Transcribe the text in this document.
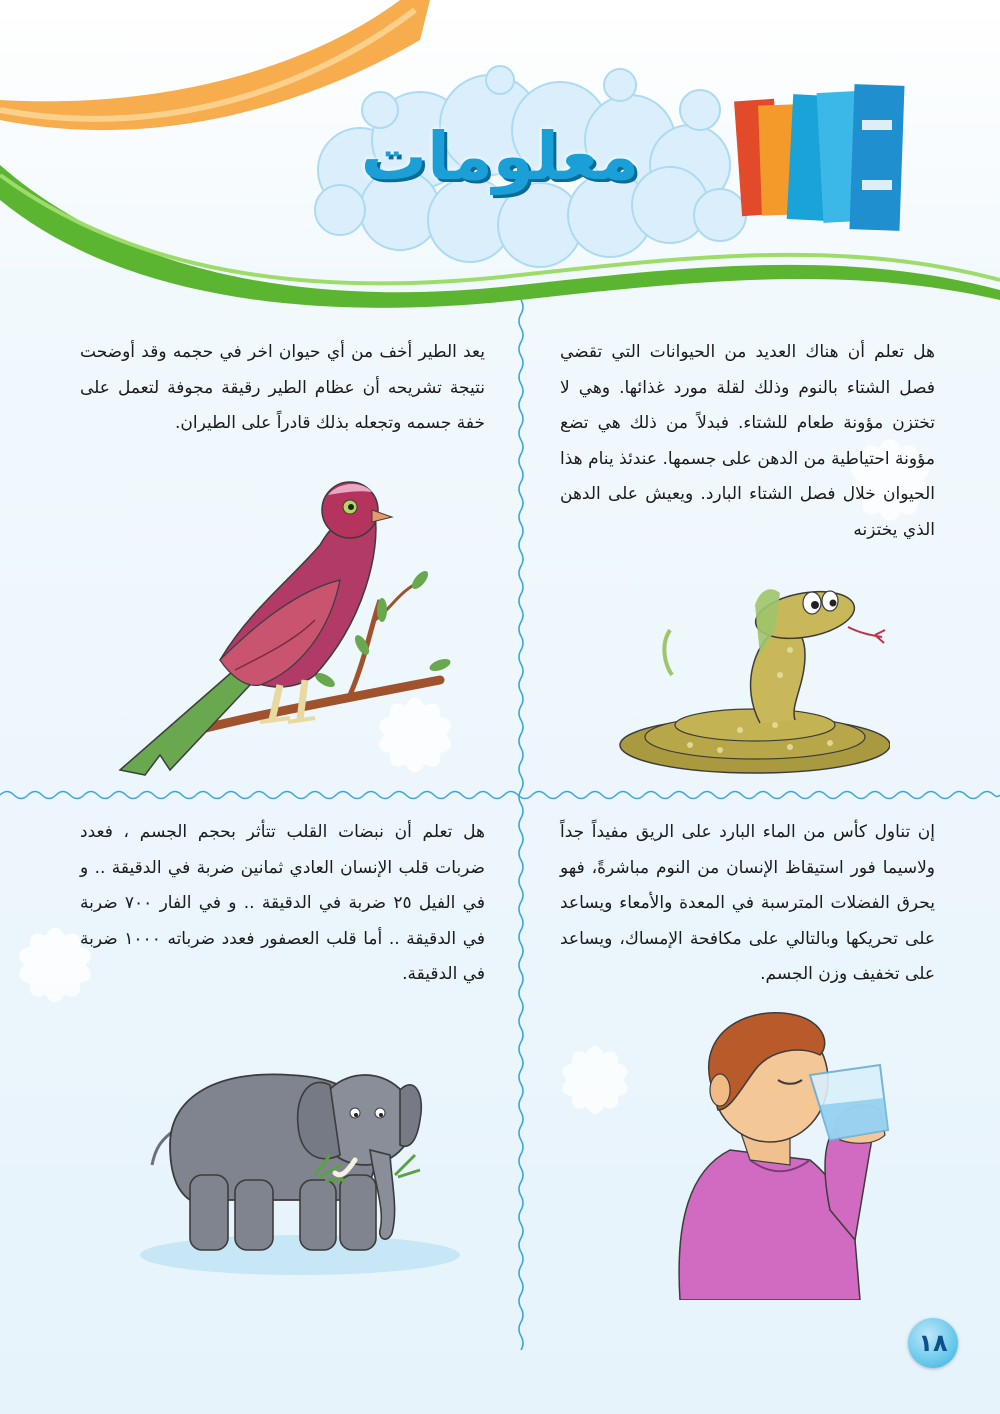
معلومات
هل تعلم أن هناك العديد من الحيوانات التي تقضي فصل الشتاء بالنوم وذلك لقلة مورد غذائها. وهي لا تختزن مؤونة طعام للشتاء. فبدلاً من ذلك هي تضع مؤونة احتياطية من الدهن على جسمها. عندئذ ينام هذا الحيوان خلال فصل الشتاء البارد. ويعيش على الدهن الذي يختزنه
يعد الطير أخف من أي حيوان اخر في حجمه وقد أوضحت نتيجة تشريحه أن عظام الطير رقيقة مجوفة لتعمل على خفة جسمه وتجعله بذلك قادراً على الطيران.
إن تناول كأس من الماء البارد على الريق مفيداً جداً ولاسيما فور استيقاظ الإنسان من النوم مباشرةً، فهو يحرق الفضلات المترسبة في المعدة والأمعاء ويساعد على تحريكها وبالتالي على مكافحة الإمساك، ويساعد على تخفيف وزن الجسم.
هل تعلم أن نبضات القلب تتأثر بحجم الجسم ، فعدد ضربات قلب الإنسان العادي ثمانين ضربة في الدقيقة .. و في الفيل ٢٥ ضربة في الدقيقة .. و في الفار ٧٠٠ ضربة في الدقيقة .. أما قلب العصفور فعدد ضرباته ١٠٠٠ ضربة في الدقيقة.
١٨
